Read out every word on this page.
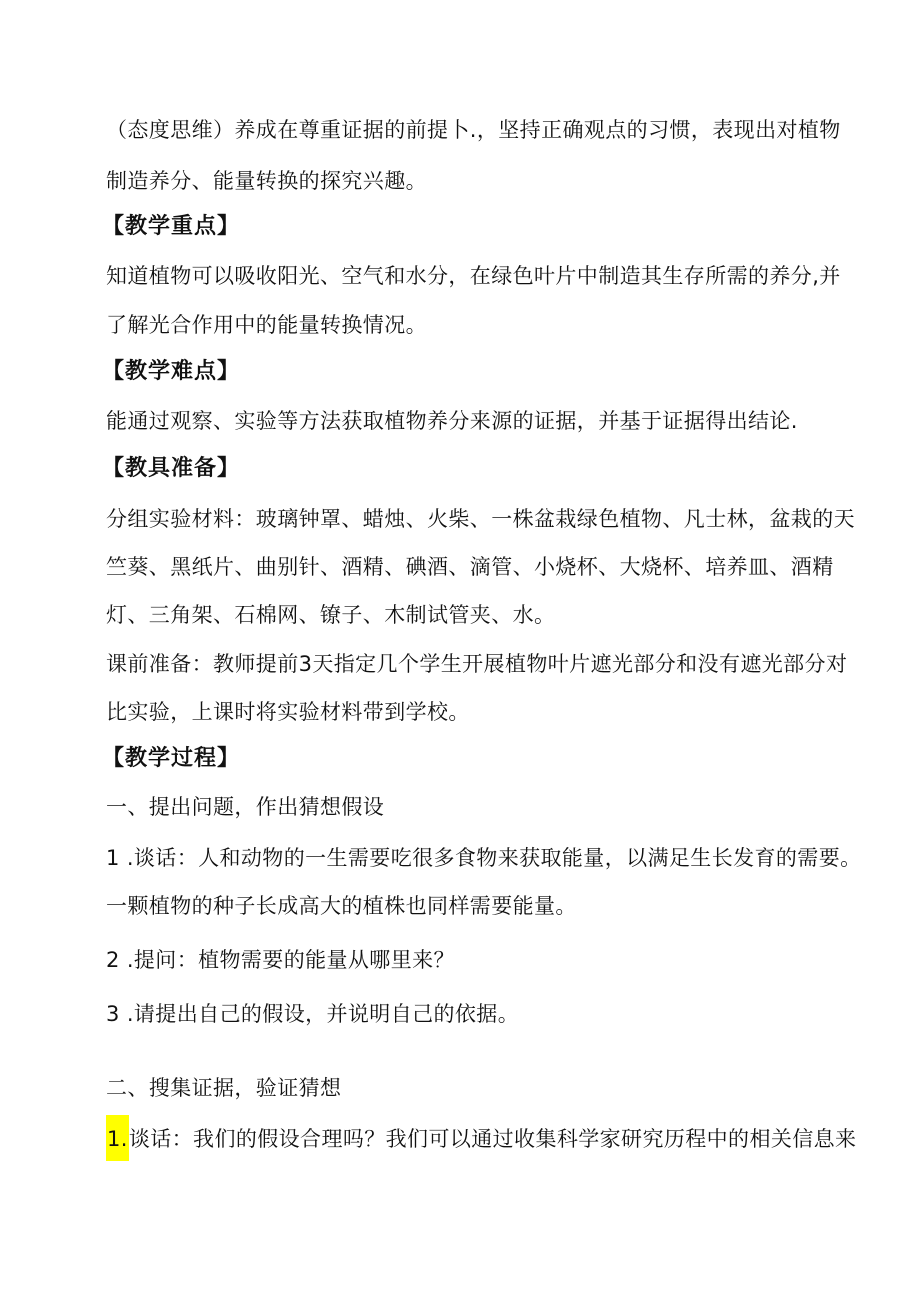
（态度思维）养成在尊重证据的前提卜.，坚持正确观点的习惯，表现出对植物
制造养分、能量转换的探究兴趣。
【教学重点】
知道植物可以吸收阳光、空气和水分，在绿色叶片中制造其生存所需的养分,并
了解光合作用中的能量转换情况。
【教学难点】
能通过观察、实验等方法获取植物养分来源的证据，并基于证据得出结论.
【教具准备】
分组实验材料：玻璃钟罩、蜡烛、火柴、一株盆栽绿色植物、凡士林，盆栽的天
竺葵、黑纸片、曲别针、酒精、碘酒、滴管、小烧杯、大烧杯、培养皿、酒精
灯、三角架、石棉网、镣子、木制试管夹、水。
课前准备：教师提前3天指定几个学生开展植物叶片遮光部分和没有遮光部分对
比实验，上课时将实验材料带到学校。
【教学过程】
一、提出问题，作出猜想假设
1 .谈话：人和动物的一生需要吃很多食物来获取能量，以满足生长发育的需要。
一颗植物的种子长成高大的植株也同样需要能量。
2 .提问：植物需要的能量从哪里来？
3 .请提出自己的假设，并说明自己的依据。
二、搜集证据，验证猜想
1.谈话：我们的假设合理吗？我们可以通过收集科学家研究历程中的相关信息来
